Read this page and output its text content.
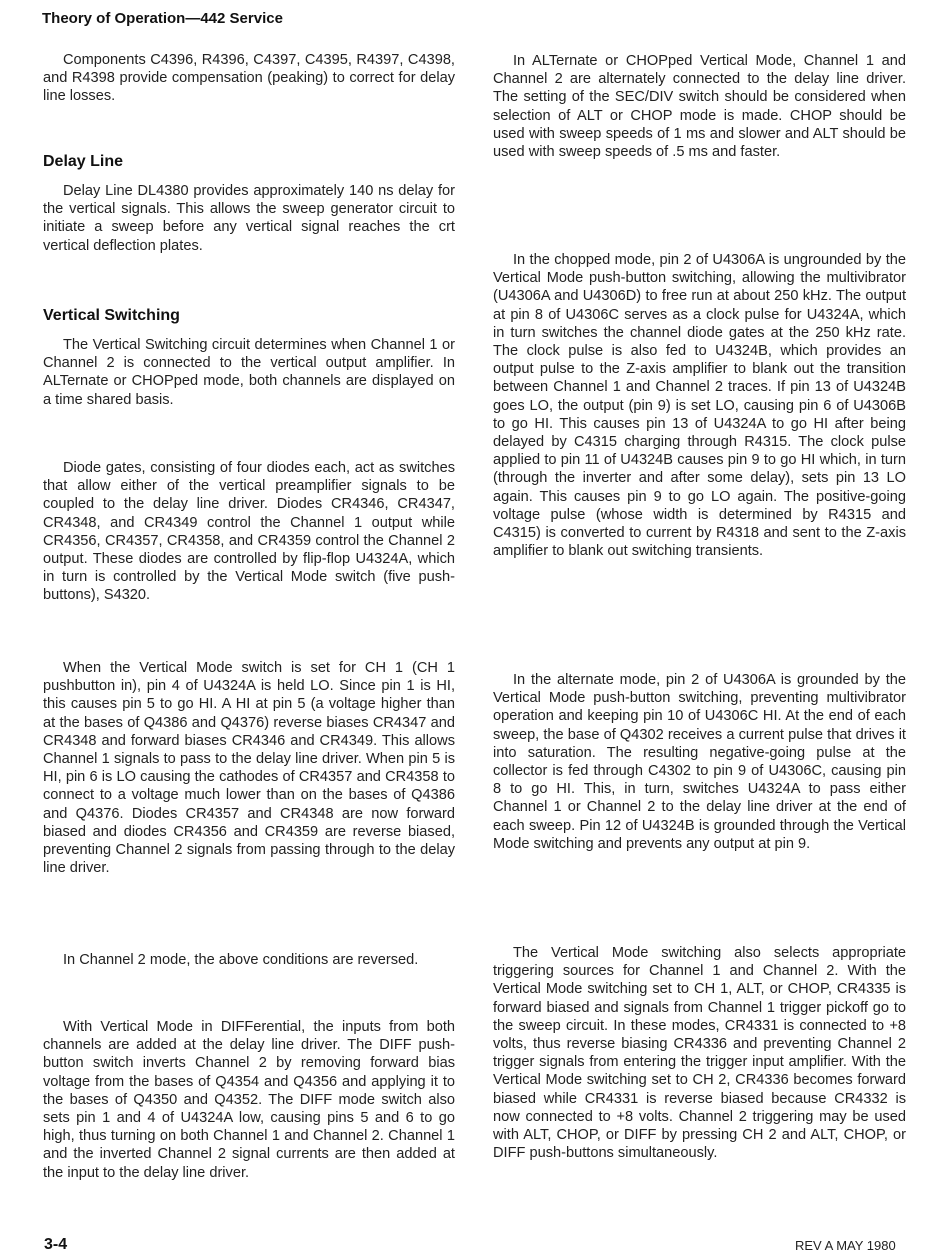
Theory of Operation—442 Service

Components C4396, R4396, C4397, C4395, R4397, C4398, and R4398 provide compensation (peaking) to correct for delay line losses.

Delay Line

Delay Line DL4380 provides approximately 140 ns delay for the vertical signals. This allows the sweep generator circuit to initiate a sweep before any vertical signal reaches the crt vertical deflection plates.

Vertical Switching

The Vertical Switching circuit determines when Channel 1 or Channel 2 is connected to the vertical output amplifier. In ALTernate or CHOPped mode, both channels are displayed on a time shared basis.

Diode gates, consisting of four diodes each, act as switches that allow either of the vertical preamplifier signals to be coupled to the delay line driver. Diodes CR4346, CR4347, CR4348, and CR4349 control the Channel 1 output while CR4356, CR4357, CR4358, and CR4359 control the Channel 2 output. These diodes are controlled by flip-flop U4324A, which in turn is controlled by the Vertical Mode switch (five push-buttons), S4320.

When the Vertical Mode switch is set for CH 1 (CH 1 pushbutton in), pin 4 of U4324A is held LO. Since pin 1 is HI, this causes pin 5 to go HI. A HI at pin 5 (a voltage higher than at the bases of Q4386 and Q4376) reverse biases CR4347 and CR4348 and forward biases CR4346 and CR4349. This allows Channel 1 signals to pass to the delay line driver. When pin 5 is HI, pin 6 is LO causing the cathodes of CR4357 and CR4358 to connect to a voltage much lower than on the bases of Q4386 and Q4376. Diodes CR4357 and CR4348 are now forward biased and diodes CR4356 and CR4359 are reverse biased, preventing Channel 2 signals from passing through to the delay line driver.

In Channel 2 mode, the above conditions are reversed.

With Vertical Mode in DIFFerential, the inputs from both channels are added at the delay line driver. The DIFF push-button switch inverts Channel 2 by removing forward bias voltage from the bases of Q4354 and Q4356 and applying it to the bases of Q4350 and Q4352. The DIFF mode switch also sets pin 1 and 4 of U4324A low, causing pins 5 and 6 to go high, thus turning on both Channel 1 and Channel 2. Channel 1 and the inverted Channel 2 signal currents are then added at the input to the delay line driver.

In ALTernate or CHOPped Vertical Mode, Channel 1 and Channel 2 are alternately connected to the delay line driver. The setting of the SEC/DIV switch should be considered when selection of ALT or CHOP mode is made. CHOP should be used with sweep speeds of 1 ms and slower and ALT should be used with sweep speeds of .5 ms and faster.

In the chopped mode, pin 2 of U4306A is ungrounded by the Vertical Mode push-button switching, allowing the multivibrator (U4306A and U4306D) to free run at about 250 kHz. The output at pin 8 of U4306C serves as a clock pulse for U4324A, which in turn switches the channel diode gates at the 250 kHz rate. The clock pulse is also fed to U4324B, which provides an output pulse to the Z-axis amplifier to blank out the transition between Channel 1 and Channel 2 traces. If pin 13 of U4324B goes LO, the output (pin 9) is set LO, causing pin 6 of U4306B to go HI. This causes pin 13 of U4324A to go HI after being delayed by C4315 charging through R4315. The clock pulse applied to pin 11 of U4324B causes pin 9 to go HI which, in turn (through the inverter and after some delay), sets pin 13 LO again. This causes pin 9 to go LO again. The positive-going voltage pulse (whose width is determined by R4315 and C4315) is converted to current by R4318 and sent to the Z-axis amplifier to blank out switching transients.

In the alternate mode, pin 2 of U4306A is grounded by the Vertical Mode push-button switching, preventing multivibrator operation and keeping pin 10 of U4306C HI. At the end of each sweep, the base of Q4302 receives a current pulse that drives it into saturation. The resulting negative-going pulse at the collector is fed through C4302 to pin 9 of U4306C, causing pin 8 to go HI. This, in turn, switches U4324A to pass either Channel 1 or Channel 2 to the delay line driver at the end of each sweep. Pin 12 of U4324B is grounded through the Vertical Mode switching and prevents any output at pin 9.

The Vertical Mode switching also selects appropriate triggering sources for Channel 1 and Channel 2. With the Vertical Mode switching set to CH 1, ALT, or CHOP, CR4335 is forward biased and signals from Channel 1 trigger pickoff go to the sweep circuit. In these modes, CR4331 is connected to +8 volts, thus reverse biasing CR4336 and preventing Channel 2 trigger signals from entering the trigger input amplifier. With the Vertical Mode switching set to CH 2, CR4336 becomes forward biased while CR4331 is reverse biased because CR4332 is now connected to +8 volts. Channel 2 triggering may be used with ALT, CHOP, or DIFF by pressing CH 2 and ALT, CHOP, or DIFF push-buttons simultaneously.

3-4	REV A MAY 1980
